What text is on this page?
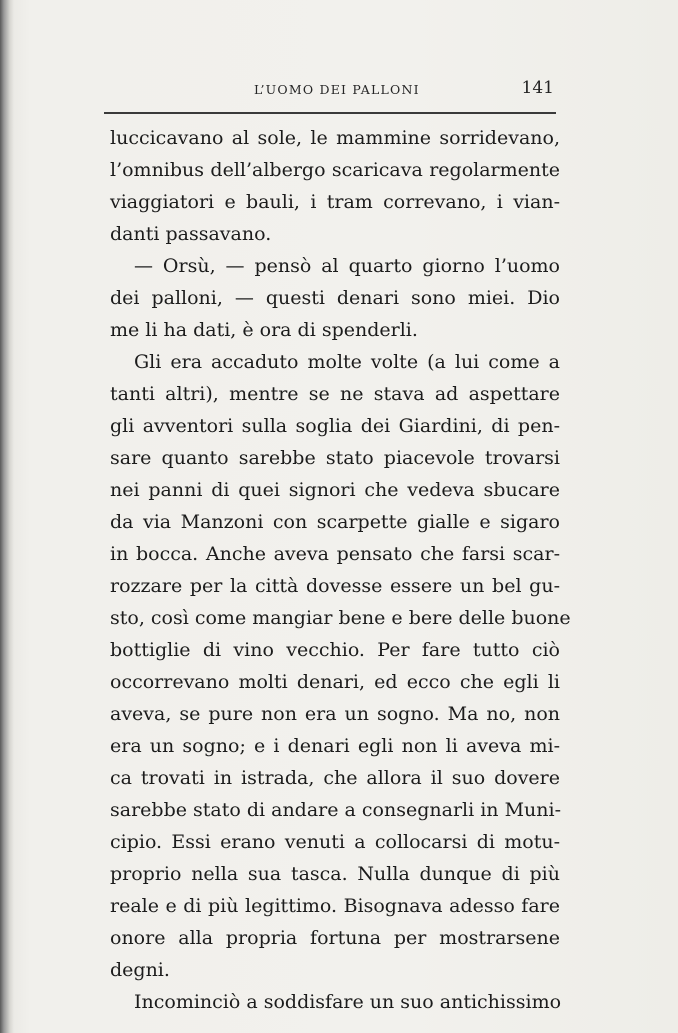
L’UOMO DEI PALLONI	141
luccicavano al sole, le mammine sorridevano,
l’omnibus dell’albergo scaricava regolarmente
viaggiatori e bauli, i tram correvano, i vian-
danti passavano.
— Orsù, — pensò al quarto giorno l’uomo
dei palloni, — questi denari sono miei. Dio
me li ha dati, è ora di spenderli.
Gli era accaduto molte volte (a lui come a
tanti altri), mentre se ne stava ad aspettare
gli avventori sulla soglia dei Giardini, di pen-
sare quanto sarebbe stato piacevole trovarsi
nei panni di quei signori che vedeva sbucare
da via Manzoni con scarpette gialle e sigaro
in bocca. Anche aveva pensato che farsi scar-
rozzare per la città dovesse essere un bel gu-
sto, così come mangiar bene e bere delle buone
bottiglie di vino vecchio. Per fare tutto ciò
occorrevano molti denari, ed ecco che egli li
aveva, se pure non era un sogno. Ma no, non
era un sogno; e i denari egli non li aveva mi-
ca trovati in istrada, che allora il suo dovere
sarebbe stato di andare a consegnarli in Muni-
cipio. Essi erano venuti a collocarsi di motu-
proprio nella sua tasca. Nulla dunque di più
reale e di più legittimo. Bisognava adesso fare
onore alla propria fortuna per mostrarsene
degni.
Incominciò a soddisfare un suo antichissimo
